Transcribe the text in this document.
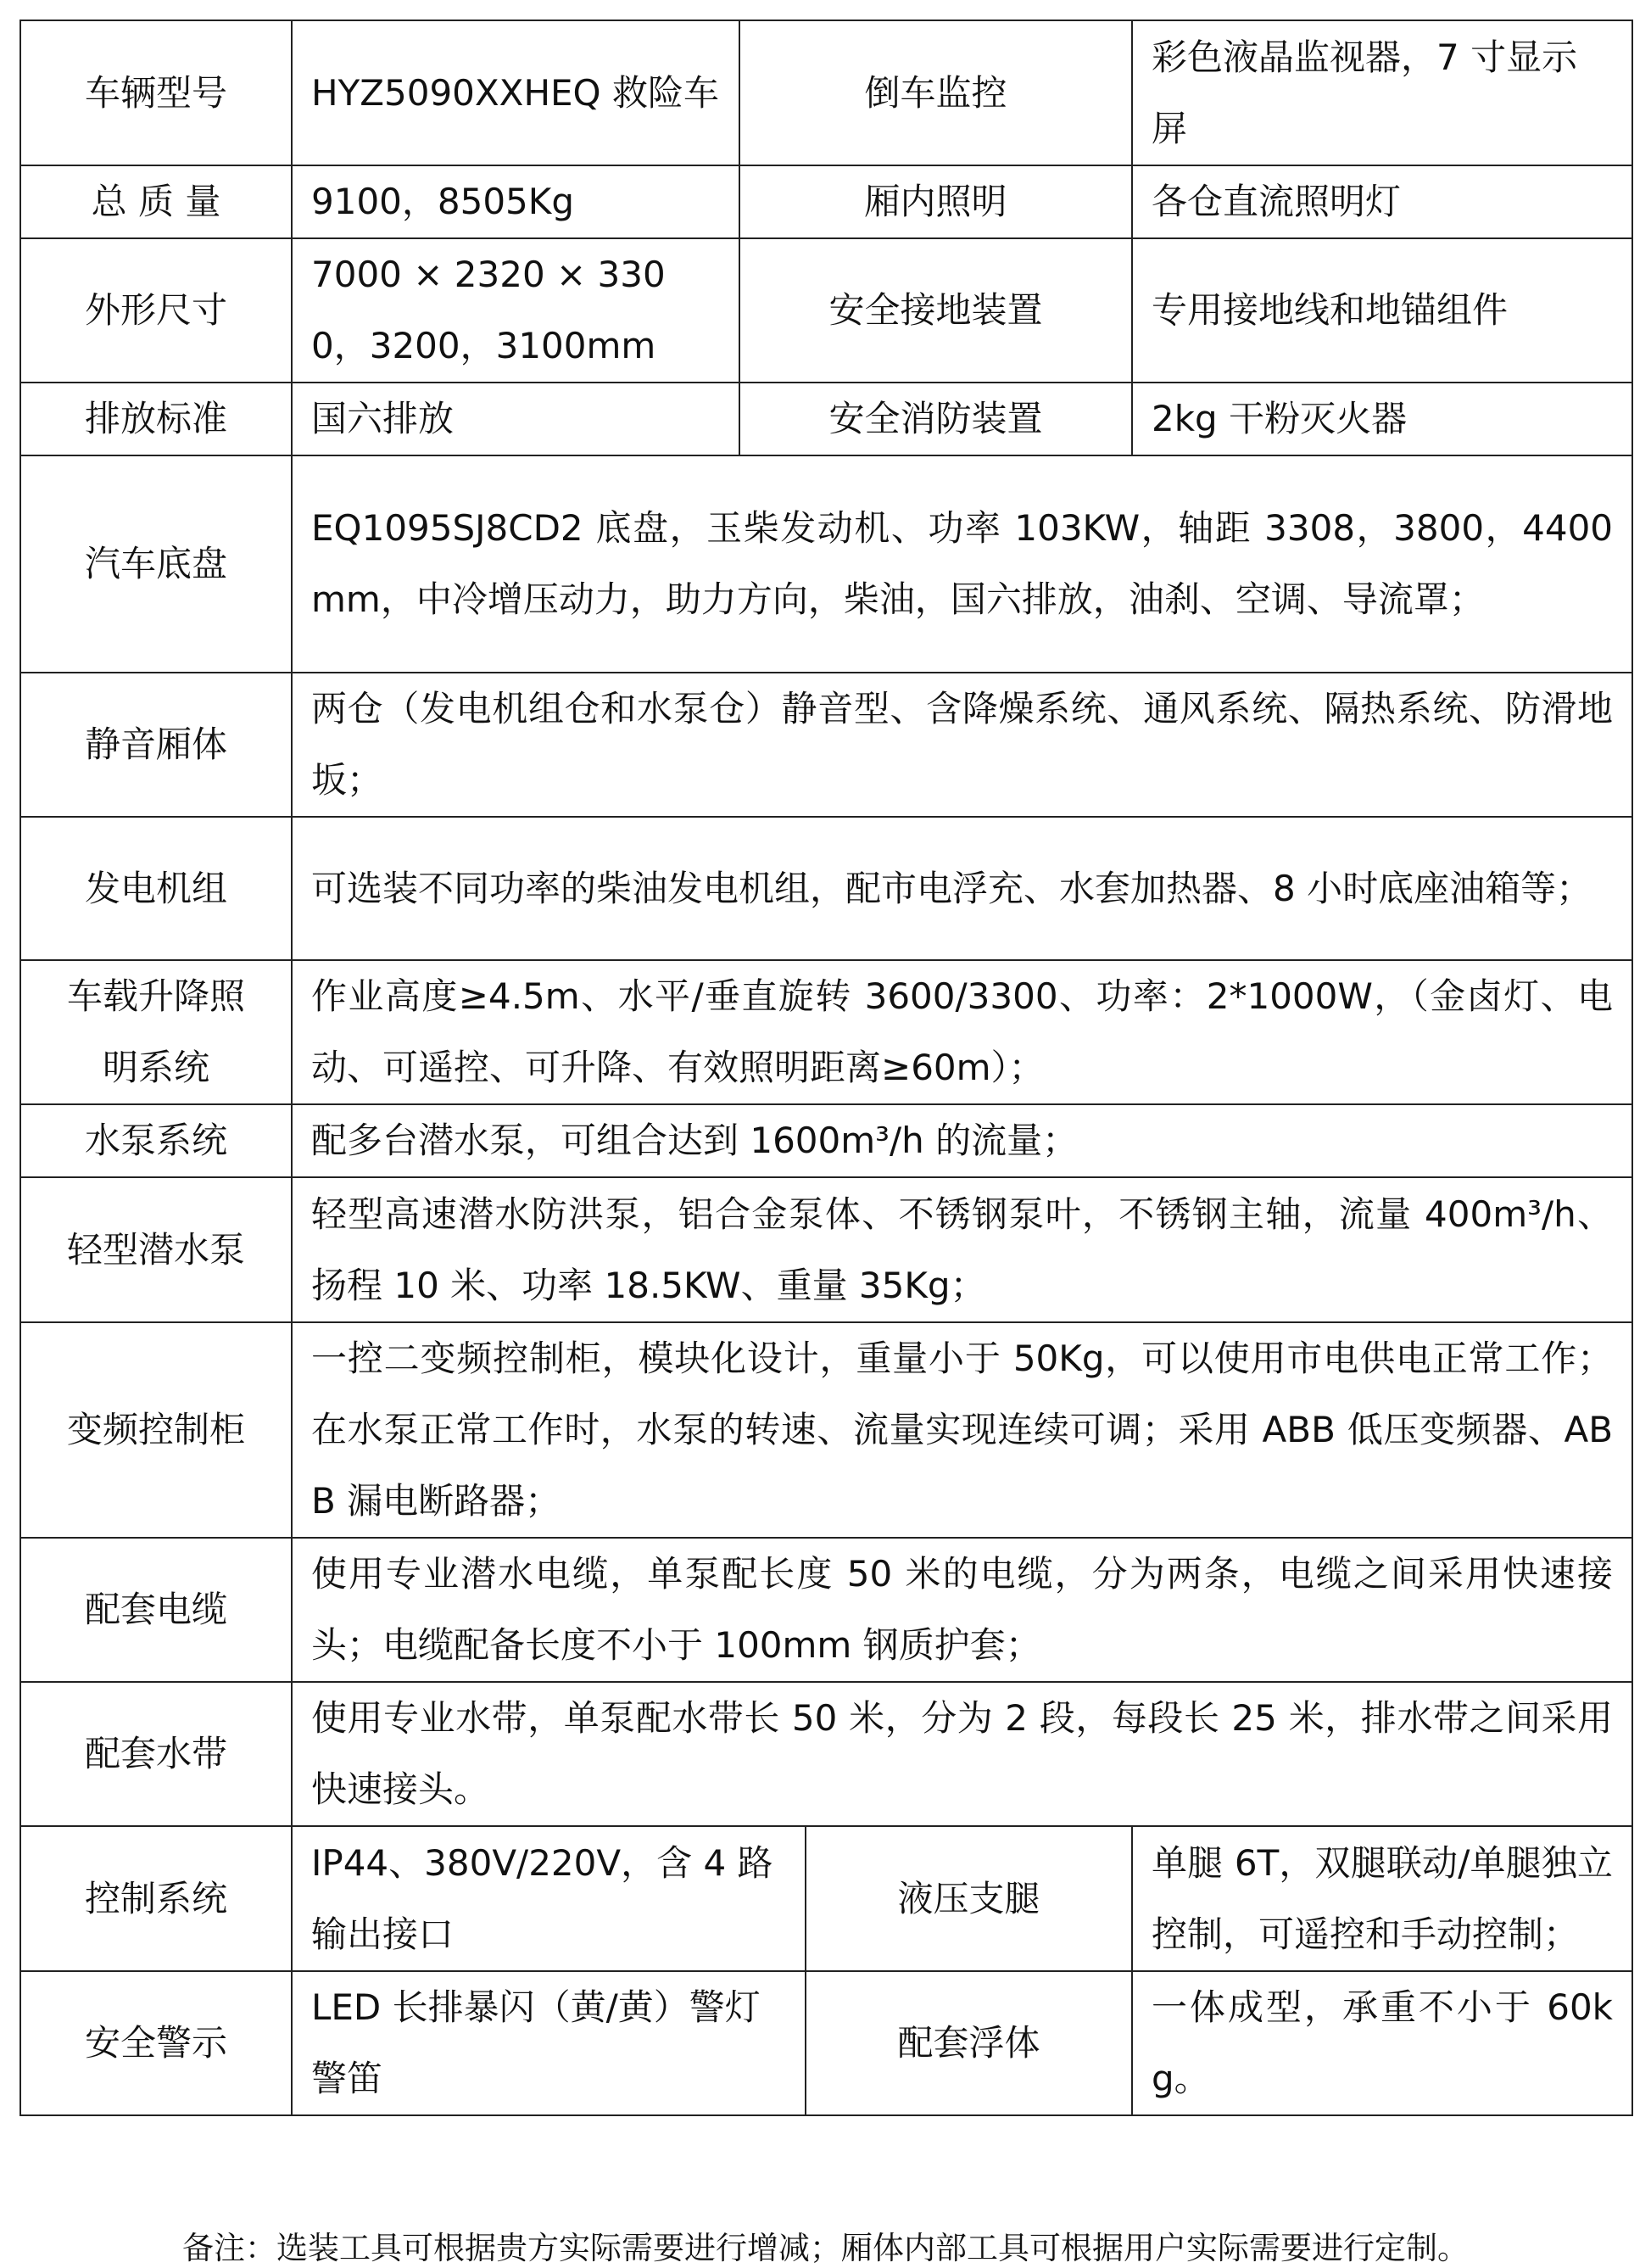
车辆型号	HYZ5090XXHEQ 救险车	倒车监控		彩色液晶监视器，7 寸显示屏
总 质 量	9100，8505Kg	厢内照明		各仓直流照明灯
外形尺寸	7000 × 2320 × 3300，3200，3100mm	安全接地装置		专用接地线和地锚组件
排放标准	国六排放	安全消防装置		2kg 干粉灭火器
汽车底盘	EQ1095SJ8CD2 底盘，玉柴发动机、功率 103KW，轴距 3308，3800，4400mm，中冷增压动力，助力方向，柴油，国六排放，油刹、空调、导流罩；			
静音厢体	两仓（发电机组仓和水泵仓）静音型、含降燥系统、通风系统、隔热系统、防滑地坂；			
发电机组	可选装不同功率的柴油发电机组，配市电浮充、水套加热器、8 小时底座油箱等；			
车载升降照明系统	作业高度≥4.5m、水平/垂直旋转 3600/3300、功率：2*1000W，（金卤灯、电动、可遥控、可升降、有效照明距离≥60m）；			
水泵系统	配多台潜水泵，可组合达到 1600m³/h 的流量；			
轻型潜水泵	轻型高速潜水防洪泵，铝合金泵体、不锈钢泵叶，不锈钢主轴，流量 400m³/h、扬程 10 米、功率 18.5KW、重量 35Kg；			
变频控制柜	一控二变频控制柜，模块化设计，重量小于 50Kg，可以使用市电供电正常工作；在水泵正常工作时，水泵的转速、流量实现连续可调；采用 ABB 低压变频器、ABB 漏电断路器；			
配套电缆	使用专业潜水电缆，单泵配长度 50 米的电缆，分为两条，电缆之间采用快速接头；电缆配备长度不小于 100mm 钢质护套；			
配套水带	使用专业水带，单泵配水带长 50 米，分为 2 段，每段长 25 米，排水带之间采用快速接头。			
控制系统	IP44、380V/220V，含 4 路输出接口		液压支腿	单腿 6T，双腿联动/单腿独立控制，可遥控和手动控制；
安全警示	LED 长排暴闪（黄/黄）警灯警笛		配套浮体	一体成型，承重不小于 60kg。
备注：选装工具可根据贵方实际需要进行增减；厢体内部工具可根据用户实际需要进行定制。
